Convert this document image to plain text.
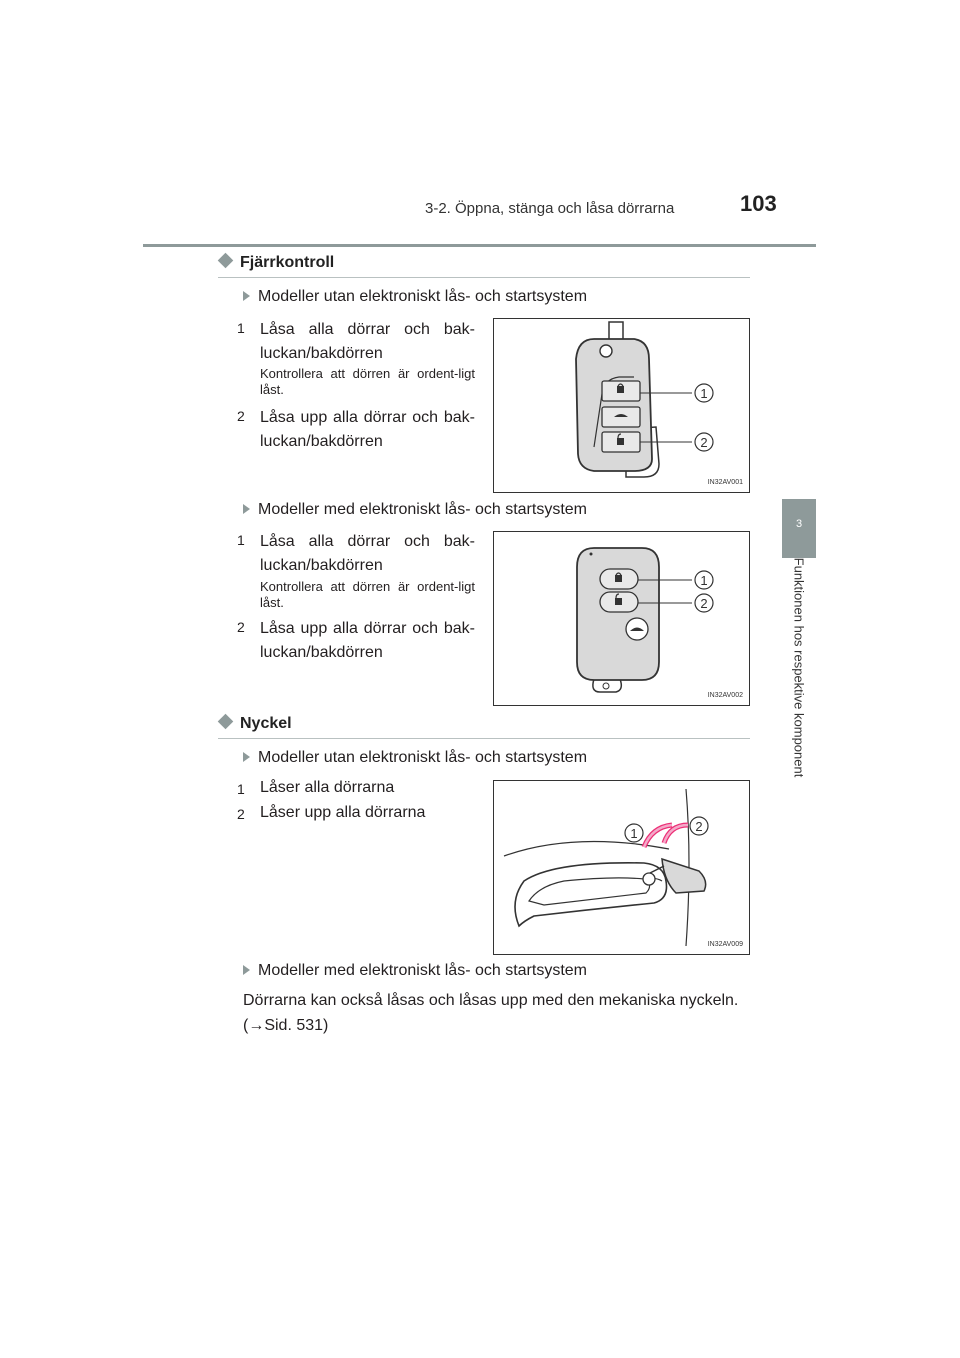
3-2. Öppna, stänga och låsa dörrarna	103
3
Funktionen hos respektive komponent
Fjärrkontroll
Modeller utan elektroniskt lås- och startsystem
1 Låsa alla dörrar och bak-luckan/bakdörren
Kontrollera att dörren är ordent-ligt låst.
2 Låsa upp alla dörrar och bak-luckan/bakdörren
1
2
IN32AV001
Modeller med elektroniskt lås- och startsystem
1 Låsa alla dörrar och bak-luckan/bakdörren
Kontrollera att dörren är ordent-ligt låst.
2 Låsa upp alla dörrar och bak-luckan/bakdörren
1
2
IN32AV002
Nyckel
Modeller utan elektroniskt lås- och startsystem
1 Låser alla dörrarna
2 Låser upp alla dörrarna
1	2
IN32AV009
Modeller med elektroniskt lås- och startsystem
Dörrarna kan också låsas och låsas upp med den mekaniska nyckeln.
(→Sid. 531)
